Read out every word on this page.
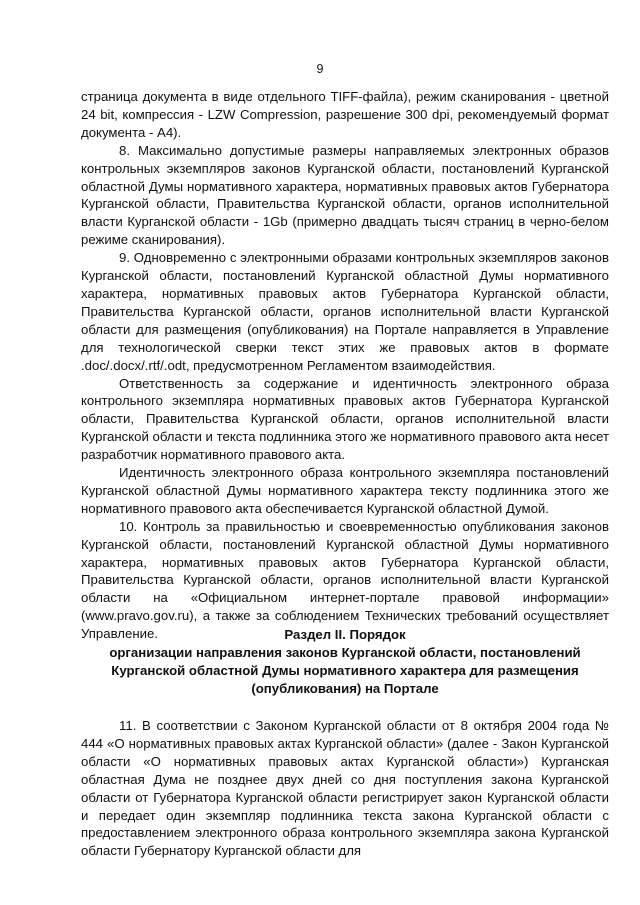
9

страница документа в виде отдельного TIFF-файла), режим сканирования - цветной 24 bit, компрессия - LZW Compression, разрешение 300 dpi, рекомендуемый формат документа - А4).

8. Максимально допустимые размеры направляемых электронных образов контрольных экземпляров законов Курганской области, постановлений Курганской областной Думы нормативного характера, нормативных правовых актов Губернатора Курганской области, Правительства Курганской области, органов исполнительной власти Курганской области - 1Gb (примерно двадцать тысяч страниц в черно-белом режиме сканирования).

9. Одновременно с электронными образами контрольных экземпляров законов Курганской области, постановлений Курганской областной Думы нормативного характера, нормативных правовых актов Губернатора Курганской области, Правительства Курганской области, органов исполнительной власти Курганской области для размещения (опубликования) на Портале направляется в Управление для технологической сверки текст этих же правовых актов в формате .doc/.docx/.rtf/.odt, предусмотренном Регламентом взаимодействия.

Ответственность за содержание и идентичность электронного образа контрольного экземпляра нормативных правовых актов Губернатора Курганской области, Правительства Курганской области, органов исполнительной власти Курганской области и текста подлинника этого же нормативного правового акта несет разработчик нормативного правового акта.

Идентичность электронного образа контрольного экземпляра постановлений Курганской областной Думы нормативного характера тексту подлинника этого же нормативного правового акта обеспечивается Курганской областной Думой.

10. Контроль за правильностью и своевременностью опубликования законов Курганской области, постановлений Курганской областной Думы нормативного характера, нормативных правовых актов Губернатора Курганской области, Правительства Курганской области, органов исполнительной власти Курганской области на «Официальном интернет-портале правовой информации» (www.pravo.gov.ru), а также за соблюдением Технических требований осуществляет Управление.	Раздел II. Порядок
организации направления законов Курганской области, постановлений
Курганской областной Думы нормативного характера для размещения
(опубликования) на Портале

11. В соответствии с Законом Курганской области от 8 октября 2004 года № 444 «О нормативных правовых актах Курганской области» (далее - Закон Курганской области «О нормативных правовых актах Курганской области») Курганская областная Дума не позднее двух дней со дня поступления закона Курганской области от Губернатора Курганской области регистрирует закон Курганской области и передает один экземпляр подлинника текста закона Курганской области с предоставлением электронного образа контрольного экземпляра закона Курганской области Губернатору Курганской области для
